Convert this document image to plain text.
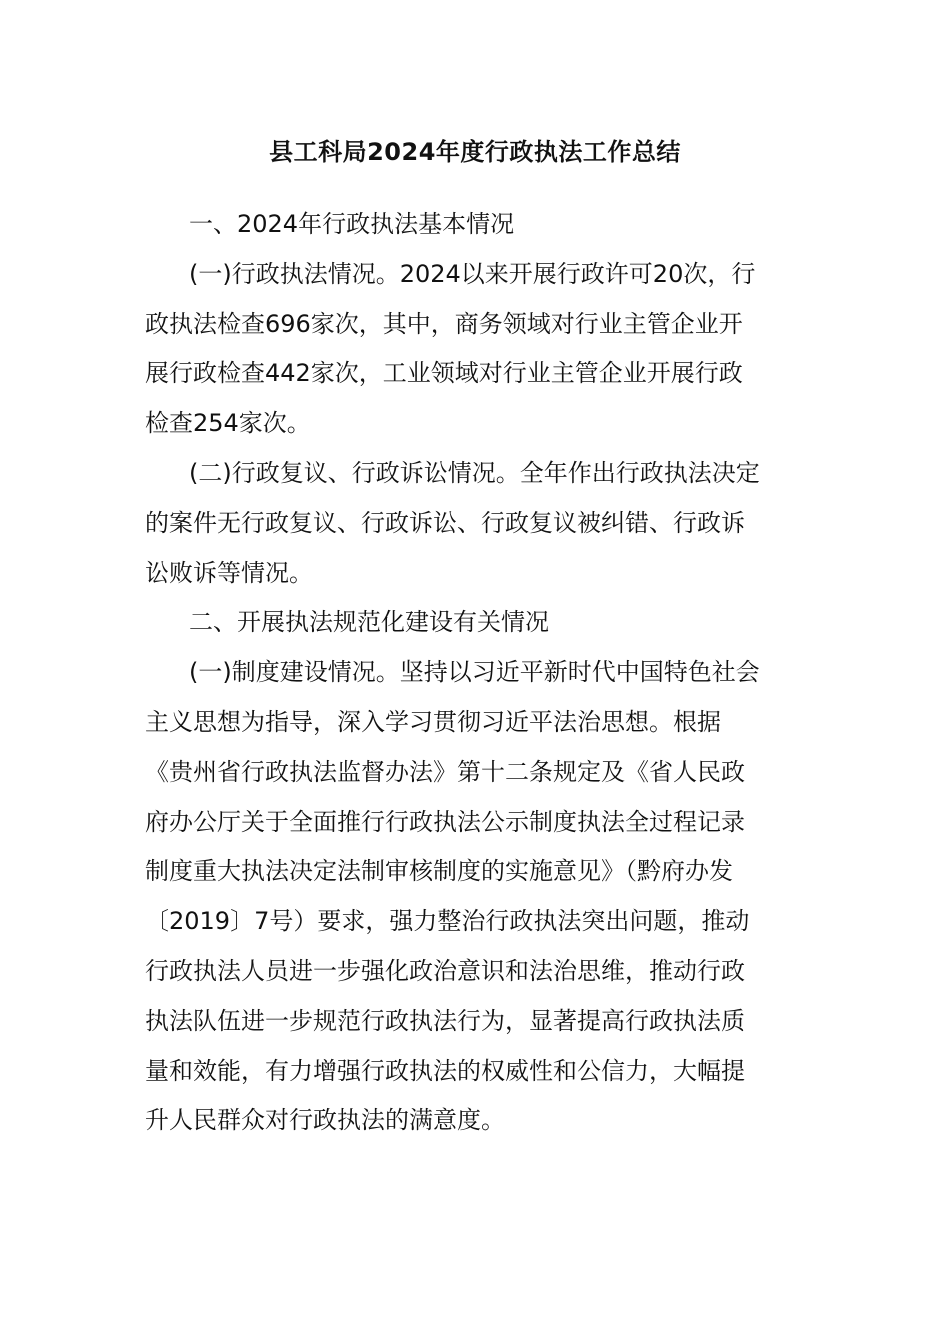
县工科局2024年度行政执法工作总结
一、2024年行政执法基本情况
(一)行政执法情况。2024以来开展行政许可20次，行
政执法检查696家次，其中，商务领域对行业主管企业开
展行政检查442家次，工业领域对行业主管企业开展行政
检查254家次。
(二)行政复议、行政诉讼情况。全年作出行政执法决定
的案件无行政复议、行政诉讼、行政复议被纠错、行政诉
讼败诉等情况。
二、开展执法规范化建设有关情况
(一)制度建设情况。坚持以习近平新时代中国特色社会
主义思想为指导，深入学习贯彻习近平法治思想。根据
《贵州省行政执法监督办法》第十二条规定及《省人民政
府办公厅关于全面推行行政执法公示制度执法全过程记录
制度重大执法决定法制审核制度的实施意见》（黔府办发
〔2019〕7号）要求，强力整治行政执法突出问题，推动
行政执法人员进一步强化政治意识和法治思维，推动行政
执法队伍进一步规范行政执法行为，显著提高行政执法质
量和效能，有力增强行政执法的权威性和公信力，大幅提
升人民群众对行政执法的满意度。
